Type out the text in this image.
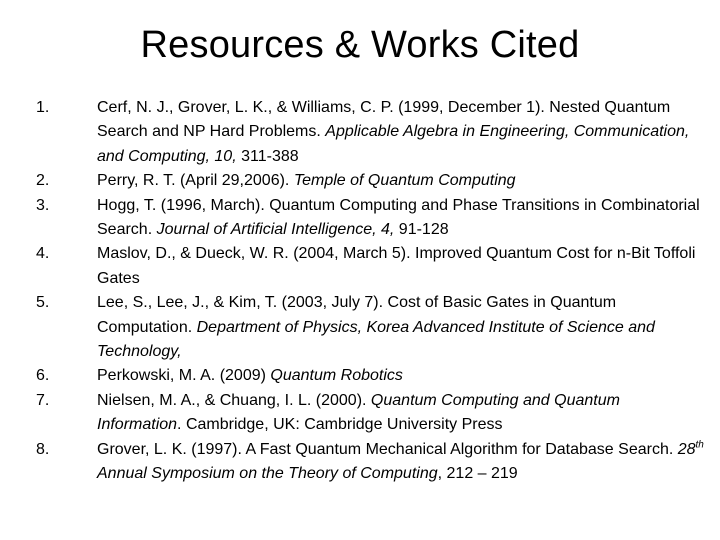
Resources & Works Cited
1.	Cerf, N. J., Grover, L. K., & Williams, C. P. (1999, December 1). Nested Quantum Search and NP Hard Problems. Applicable Algebra in Engineering, Communication, and Computing, 10, 311-388
2.	Perry, R. T. (April 29,2006). Temple of Quantum Computing
3.	Hogg, T. (1996, March). Quantum Computing and Phase Transitions in Combinatorial Search. Journal of Artificial Intelligence, 4, 91-128
4.	Maslov, D., & Dueck, W. R. (2004, March 5). Improved Quantum Cost for n-Bit Toffoli Gates
5.	Lee, S., Lee, J., & Kim, T. (2003, July 7). Cost of Basic Gates in Quantum Computation. Department of Physics, Korea Advanced Institute of Science and Technology,
6.	Perkowski, M. A. (2009) Quantum Robotics
7.	Nielsen, M. A., & Chuang, I. L. (2000). Quantum Computing and Quantum Information. Cambridge, UK: Cambridge University Press
8.	Grover, L. K. (1997). A Fast Quantum Mechanical Algorithm for Database Search. 28th Annual Symposium on the Theory of Computing, 212 – 219
